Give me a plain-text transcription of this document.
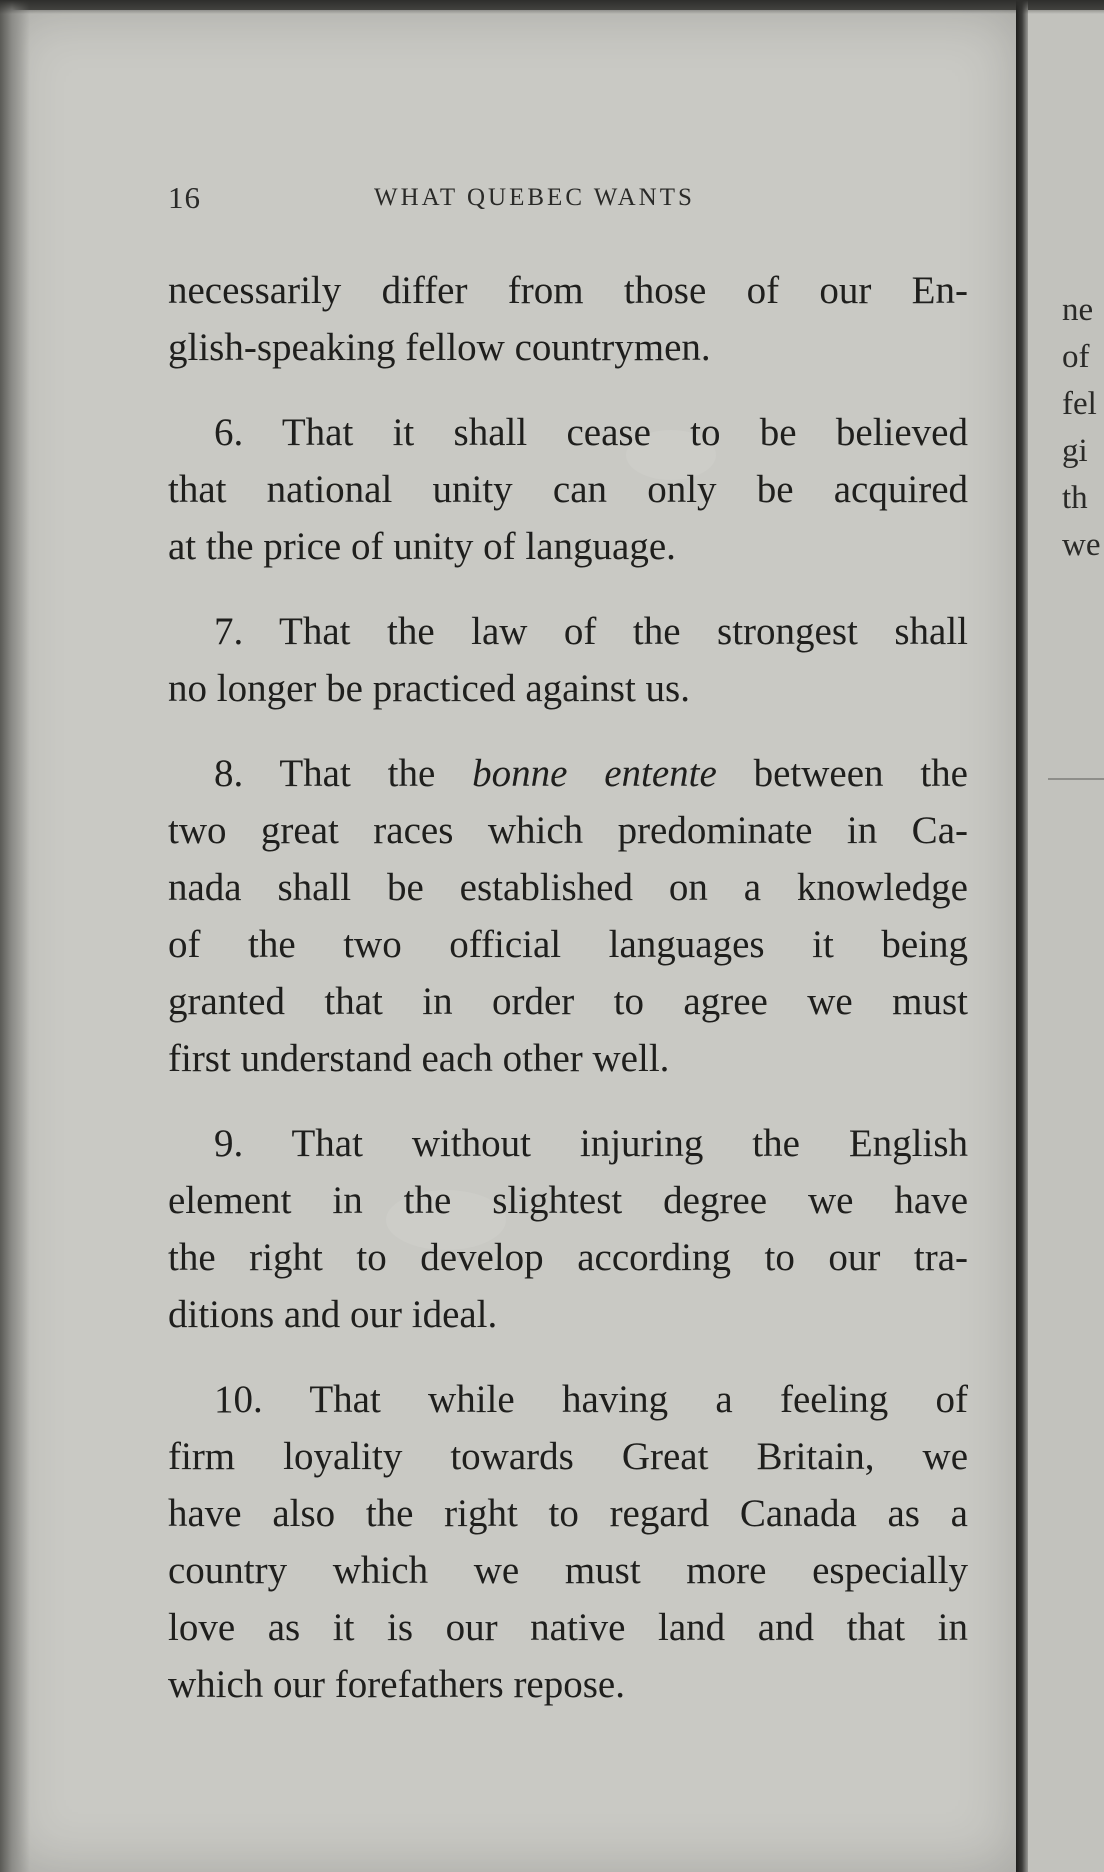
ne
of
fel
gi
th
we
16	WHAT QUEBEC WANTS

necessarily differ from those of our En-
glish-speaking fellow countrymen.

6. That it shall cease to be believed
that national unity can only be acquired
at the price of unity of language.

7. That the law of the strongest shall
no longer be practiced against us.

8. That the bonne entente between the
two great races which predominate in Ca-
nada shall be established on a knowledge
of the two official languages it being
granted that in order to agree we must
first understand each other well.

9. That without injuring the English
element in the slightest degree we have
the right to develop according to our tra-
ditions and our ideal.

10. That while having a feeling of
firm loyality towards Great Britain, we
have also the right to regard Canada as a
country which we must more especially
love as it is our native land and that in
which our forefathers repose.
